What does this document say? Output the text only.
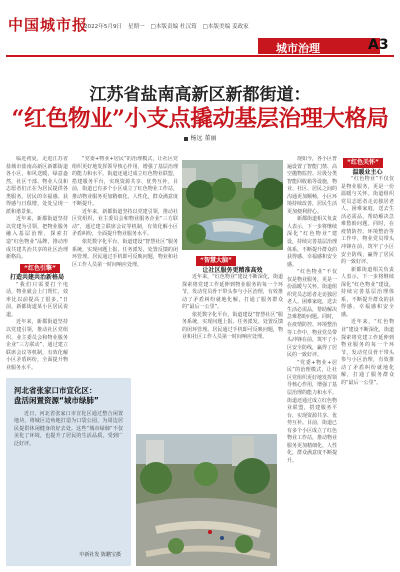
中国城市报
2022年5月9日 星期一 □本版责编 杜汉筠 □本版美编 姜政家
城市治理	A3
江苏省盐南高新区新都街道：
“红色物业”小支点撬动基层治理大格局
杨远 董丽

临近初夏，走进江苏省盐城市盐南高新区新都街道各小区，和风送暖，绿意盎然，社区干部、物业人员和志愿者们正在为居民提供各类服务。居民的幸福感、获得感与日俱增，处处呈现一派和谐景象。

近年来，新都街道坚持以党建为引领，把物业服务融入基层治理，探索打造“红色物业”品牌，推动形成共建共治共享的社区治理新格局。

“红色引擎”
打造共建共治新格局

“我们只需要打个电话，物业就会上门帮忙，效率比以前提高了很多。”日前，新都街道某小区居民说道。

近年来，新都街道坚持以党建引领，推动社区党组织、业主委员会和物业服务企业“三方联动”，通过建立联席会议等机制，有效化解小区矛盾纠纷，全面提升物业服务水平。

“党委+物业+居民”的治理模式，让社区党组织更好地发挥领导核心作用，增强了基层治理的能力和水平。街道还通过成立红色物业联盟，搭建服务平台，实现资源共享、优势互补。目前，街道已有多个小区成立了红色物业工作站，推动物业服务更加精细化、人性化，群众满意度不断提升。

近年来，新都街道坚持以党建引领，推动社区党组织、业主委员会和物业服务企业“三方联动”，通过建立联席会议等机制，有效化解小区矛盾纠纷，全面提升物业服务水平。

依托数字化平台，街道建设“智慧社区”服务系统，实现问题上报、任务派发、处置反馈的闭环管理。居民通过手机即可反映问题，物业和社区工作人员第一时间响应处理。

“智慧大脑”
让社区服务更精准高效

近年来，“红色物业”建设不断深化，街道探索将党建工作延伸到物业服务的每一个环节，发动党员骨干带头参与小区治理，有效推动了矛盾纠纷就地化解，打通了服务群众的“最后一公里”。

依托数字化平台，街道建设“智慧社区”服务系统，实现问题上报、任务派发、处置反馈的闭环管理。居民通过手机即可反映问题，物业和社区工作人员第一时间响应处理。

现如今，各小区普遍设置了智能门禁、高空抛物监控、垃圾分类智能回收箱等设施，物业、社区、居民之间的沟通更加顺畅，小区环境持续改善，居民生活更加便利舒心。

新都街道相关负责人表示，下一步将继续深化“红色物业”建设，持续完善基层治理体系，不断提升群众的获得感、幸福感和安全感。

“红色物业”不仅仅是物业服务，更是一份温暖与关怀。街道组织党员志愿者走访独居老人、困难家庭，送去生活必需品，帮助解决急难愁盼问题。同时，在疫情防控、环境整治等工作中，物业党员带头冲锋在前，筑牢了小区安全防线，赢得了居民的一致好评。

“党委+物业+居民”的治理模式，让社区党组织更好地发挥领导核心作用，增强了基层治理的能力和水平。街道还通过成立红色物业联盟，搭建服务平台，实现资源共享、优势互补。目前，街道已有多个小区成立了红色物业工作站，推动物业服务更加精细化、人性化，群众满意度不断提升。

“红色关怀”
温暖业主心

“红色物业”不仅仅是物业服务，更是一份温暖与关怀。街道组织党员志愿者走访独居老人、困难家庭，送去生活必需品，帮助解决急难愁盼问题。同时，在疫情防控、环境整治等工作中，物业党员带头冲锋在前，筑牢了小区安全防线，赢得了居民的一致好评。

新都街道相关负责人表示，下一步将继续深化“红色物业”建设，持续完善基层治理体系，不断提升群众的获得感、幸福感和安全感。

近年来，“红色物业”建设不断深化，街道探索将党建工作延伸到物业服务的每一个环节，发动党员骨干带头参与小区治理，有效推动了矛盾纠纷就地化解，打通了服务群众的“最后一公里”。

河北省张家口市宣化区：
盘活闲置资源“城市绿肺”
近日，河北省张家口市宣化区通过整合闲置地块，将城区边角地打造为口袋公园，为周边居民提供休闲健身的好去处。这些“城市绿肺”不仅美化了环境，也提升了居民的生活品质，受到广泛好评。
中新社发 陈鹏宝摄
